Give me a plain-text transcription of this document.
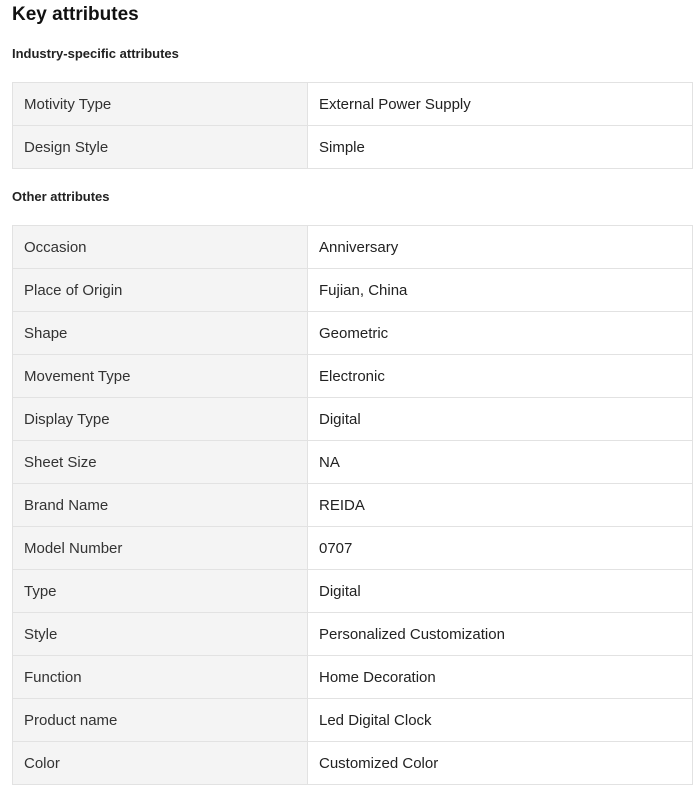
Key attributes
Industry-specific attributes
Motivity Type	External Power Supply
Design Style	Simple
Other attributes
Occasion	Anniversary
Place of Origin	Fujian, China
Shape	Geometric
Movement Type	Electronic
Display Type	Digital
Sheet Size	NA
Brand Name	REIDA
Model Number	0707
Type	Digital
Style	Personalized Customization
Function	Home Decoration
Product name	Led Digital Clock
Color	Customized Color
